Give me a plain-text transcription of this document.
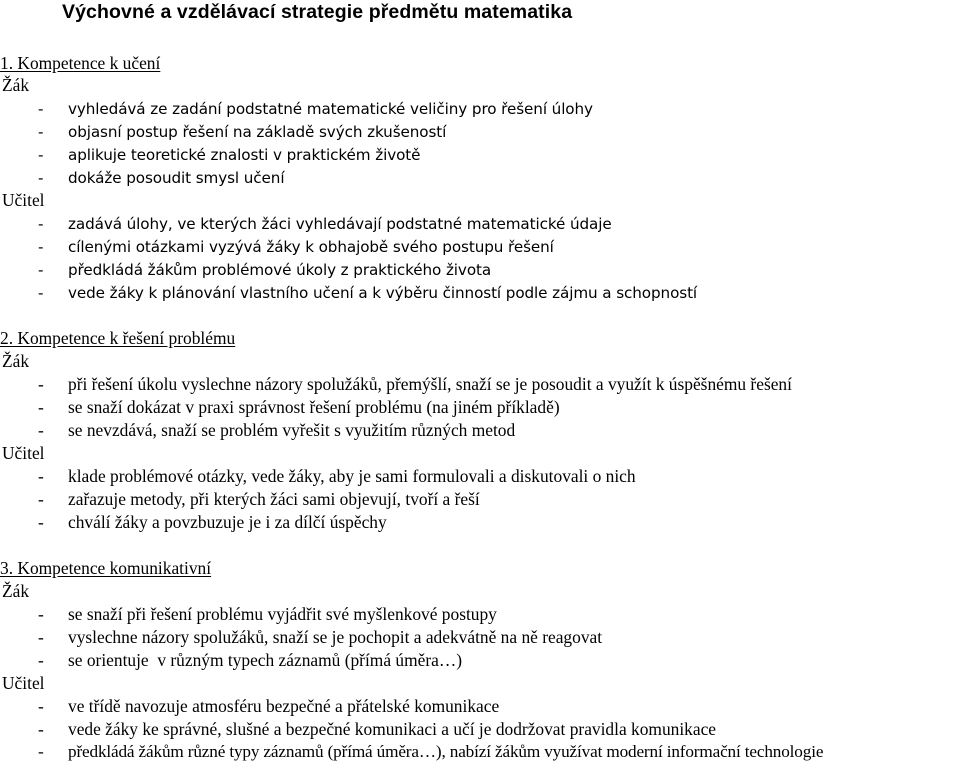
Výchovné a vzdělávací strategie předmětu matematika
1. Kompetence k učení
Žák
- vyhledává ze zadání podstatné matematické veličiny pro řešení úlohy
- objasní postup řešení na základě svých zkušeností
- aplikuje teoretické znalosti v praktickém životě
- dokáže posoudit smysl učení
Učitel
- zadává úlohy, ve kterých žáci vyhledávají podstatné matematické údaje
- cílenými otázkami vyzývá žáky k obhajobě svého postupu řešení
- předkládá žákům problémové úkoly z praktického života
- vede žáky k plánování vlastního učení a k výběru činností podle zájmu a schopností
2. Kompetence k řešení problému
Žák
- při řešení úkolu vyslechne názory spolužáků, přemýšlí, snaží se je posoudit a využít k úspěšnému řešení
- se snaží dokázat v praxi správnost řešení problému (na jiném příkladě)
- se nevzdává, snaží se problém vyřešit s využitím různých metod
Učitel
- klade problémové otázky, vede žáky, aby je sami formulovali a diskutovali o nich
- zařazuje metody, při kterých žáci sami objevují, tvoří a řeší
- chválí žáky a povzbuzuje je i za dílčí úspěchy
3. Kompetence komunikativní
Žák
- se snaží při řešení problému vyjádřit své myšlenkové postupy
- vyslechne názory spolužáků, snaží se je pochopit a adekvátně na ně reagovat
- se orientuje  v různým typech záznamů (přímá úměra…)
Učitel
- ve třídě navozuje atmosféru bezpečné a přátelské komunikace
- vede žáky ke správné, slušné a bezpečné komunikaci a učí je dodržovat pravidla komunikace
- předkládá žákům různé typy záznamů (přímá úměra…), nabízí žákům využívat moderní informační technologie
